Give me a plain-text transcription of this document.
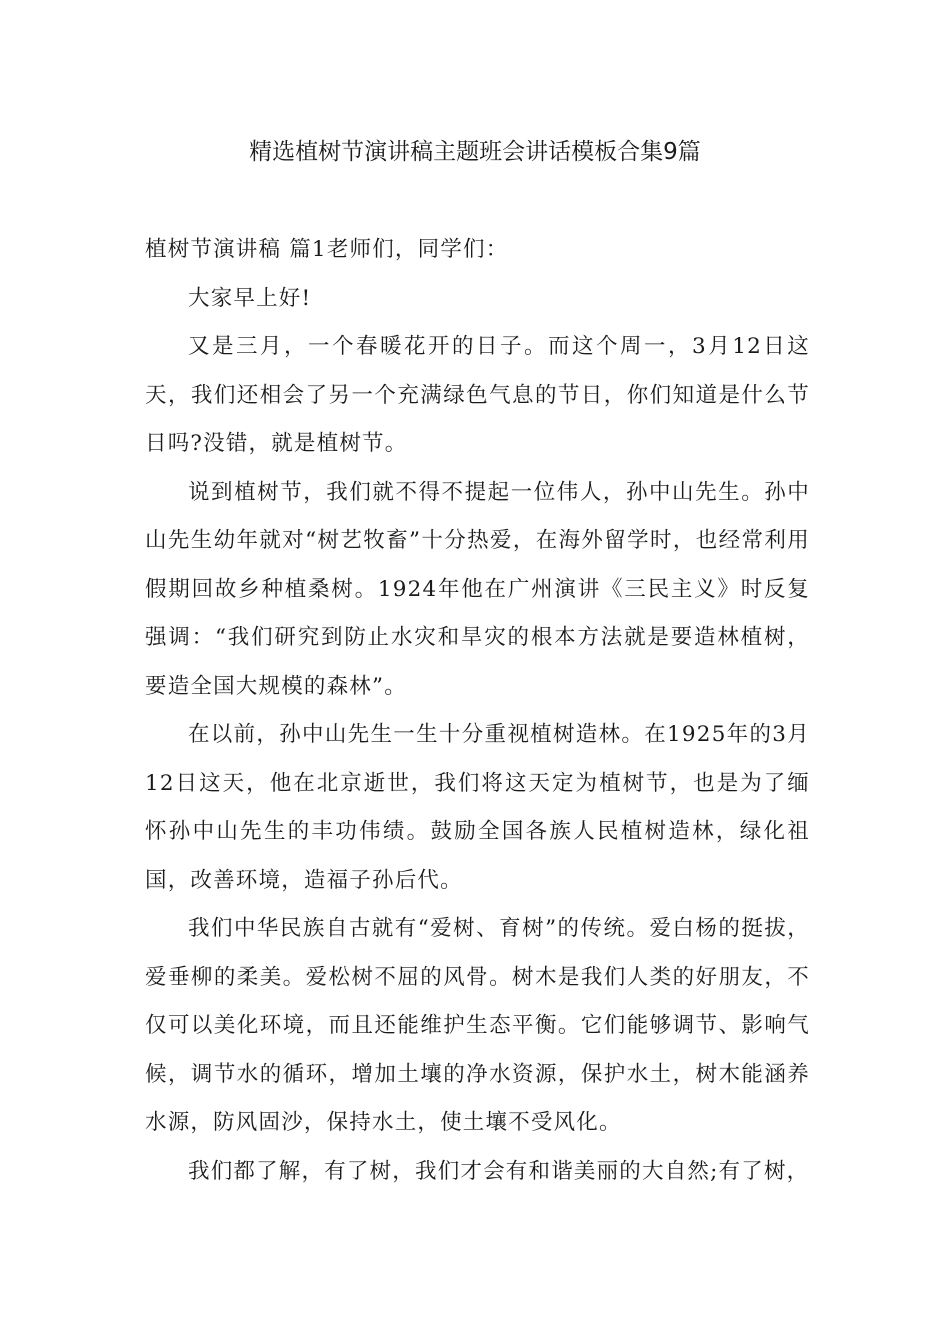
精选植树节演讲稿主题班会讲话模板合集9篇

植树节演讲稿 篇1老师们，同学们：

大家早上好!

又是三月，一个春暖花开的日子。而这个周一，3月12日这天，我们还相会了另一个充满绿色气息的节日，你们知道是什么节日吗?没错，就是植树节。

说到植树节，我们就不得不提起一位伟人，孙中山先生。孙中山先生幼年就对“树艺牧畜”十分热爱，在海外留学时，也经常利用假期回故乡种植桑树。1924年他在广州演讲《三民主义》时反复强调：“我们研究到防止水灾和旱灾的根本方法就是要造林植树，要造全国大规模的森林”。

在以前，孙中山先生一生十分重视植树造林。在1925年的3月12日这天，他在北京逝世，我们将这天定为植树节，也是为了缅怀孙中山先生的丰功伟绩。鼓励全国各族人民植树造林，绿化祖国，改善环境，造福子孙后代。

我们中华民族自古就有“爱树、育树”的传统。爱白杨的挺拔，爱垂柳的柔美。爱松树不屈的风骨。树木是我们人类的好朋友，不仅可以美化环境，而且还能维护生态平衡。它们能够调节、影响气候，调节水的循环，增加土壤的净水资源，保护水土，树木能涵养水源，防风固沙，保持水土，使土壤不受风化。

我们都了解，有了树，我们才会有和谐美丽的大自然;有了树，
